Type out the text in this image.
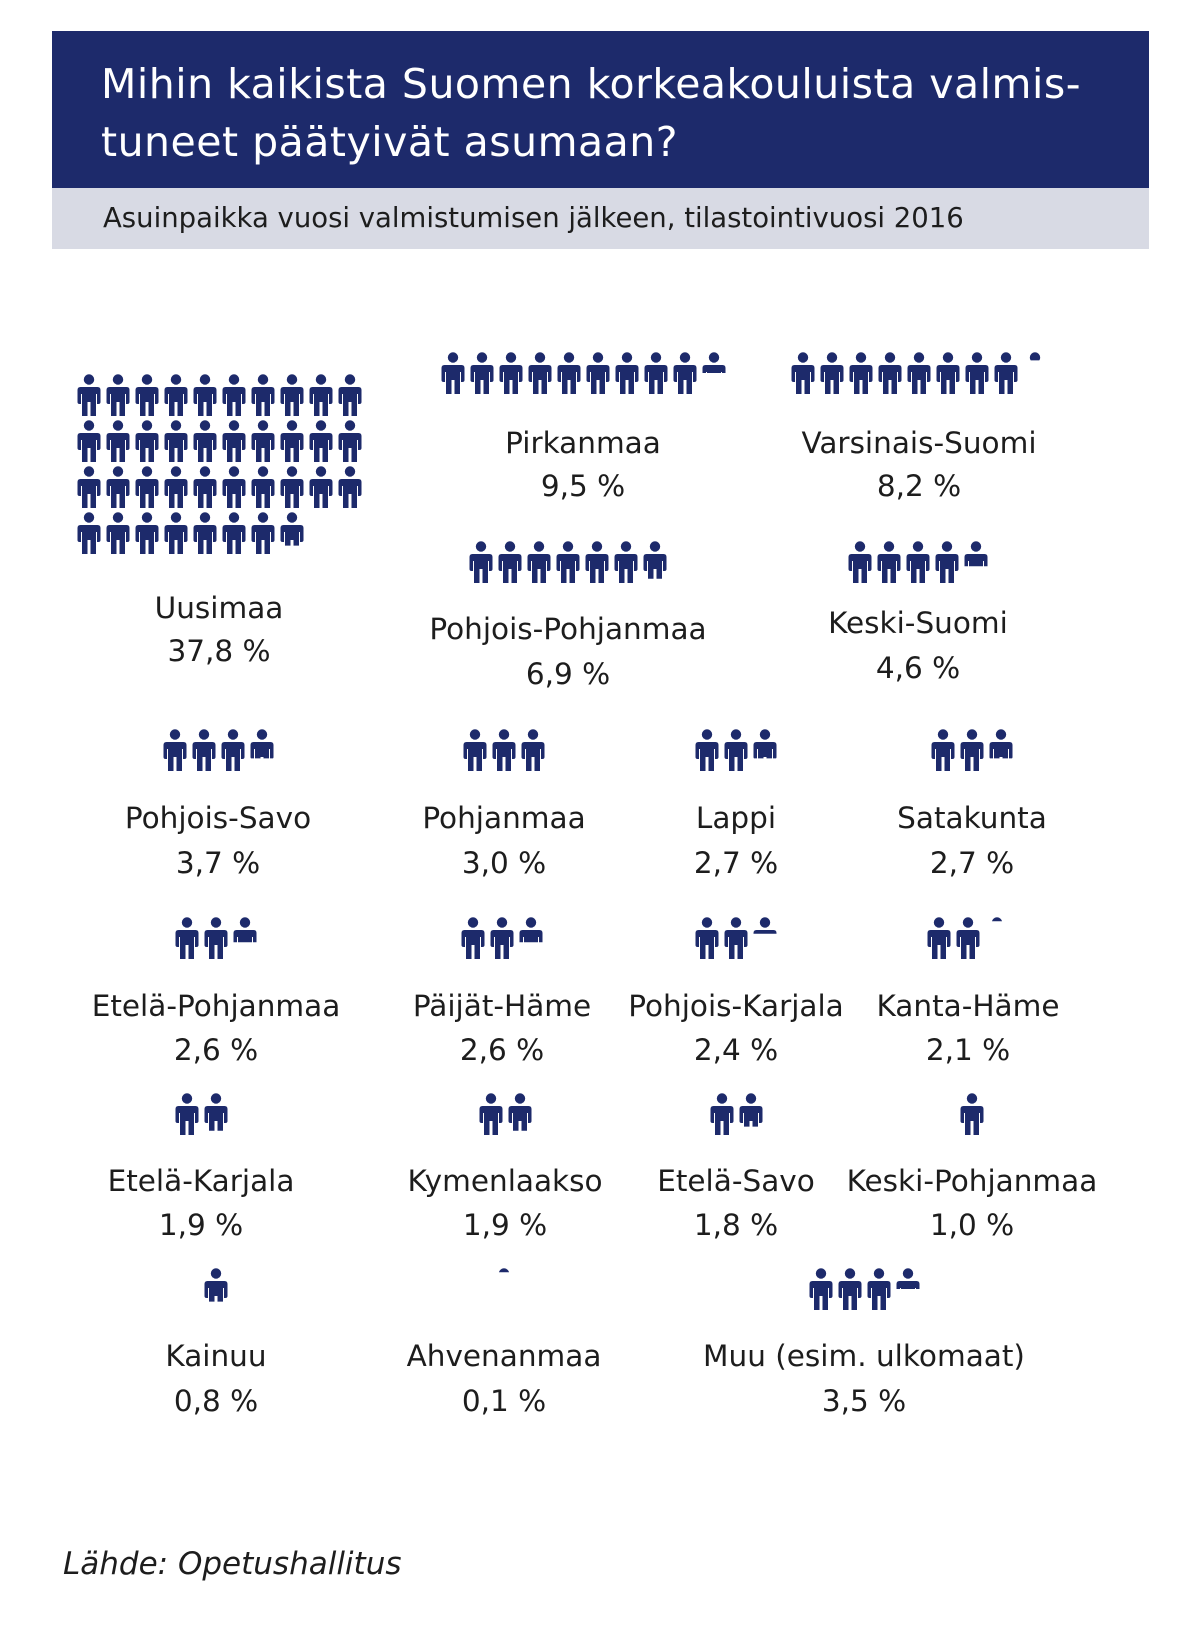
Mihin kaikista Suomen korkeakouluista valmis-
tuneet päätyivät asumaan?
Asuinpaikka vuosi valmistumisen jälkeen, tilastointivuosi 2016
Uusimaa
37,8 %
Pirkanmaa
9,5 %
Varsinais-Suomi
8,2 %
Pohjois-Pohjanmaa
6,9 %
Keski-Suomi
4,6 %
Pohjois-Savo
3,7 %
Pohjanmaa
3,0 %
Lappi
2,7 %
Satakunta
2,7 %
Etelä-Pohjanmaa
2,6 %
Päijät-Häme
2,6 %
Pohjois-Karjala
2,4 %
Kanta-Häme
2,1 %
Etelä-Karjala
1,9 %
Kymenlaakso
1,9 %
Etelä-Savo
1,8 %
Keski-Pohjanmaa
1,0 %
Kainuu
0,8 %
Ahvenanmaa
0,1 %
Muu (esim. ulkomaat)
3,5 %
Lähde: Opetushallitus
